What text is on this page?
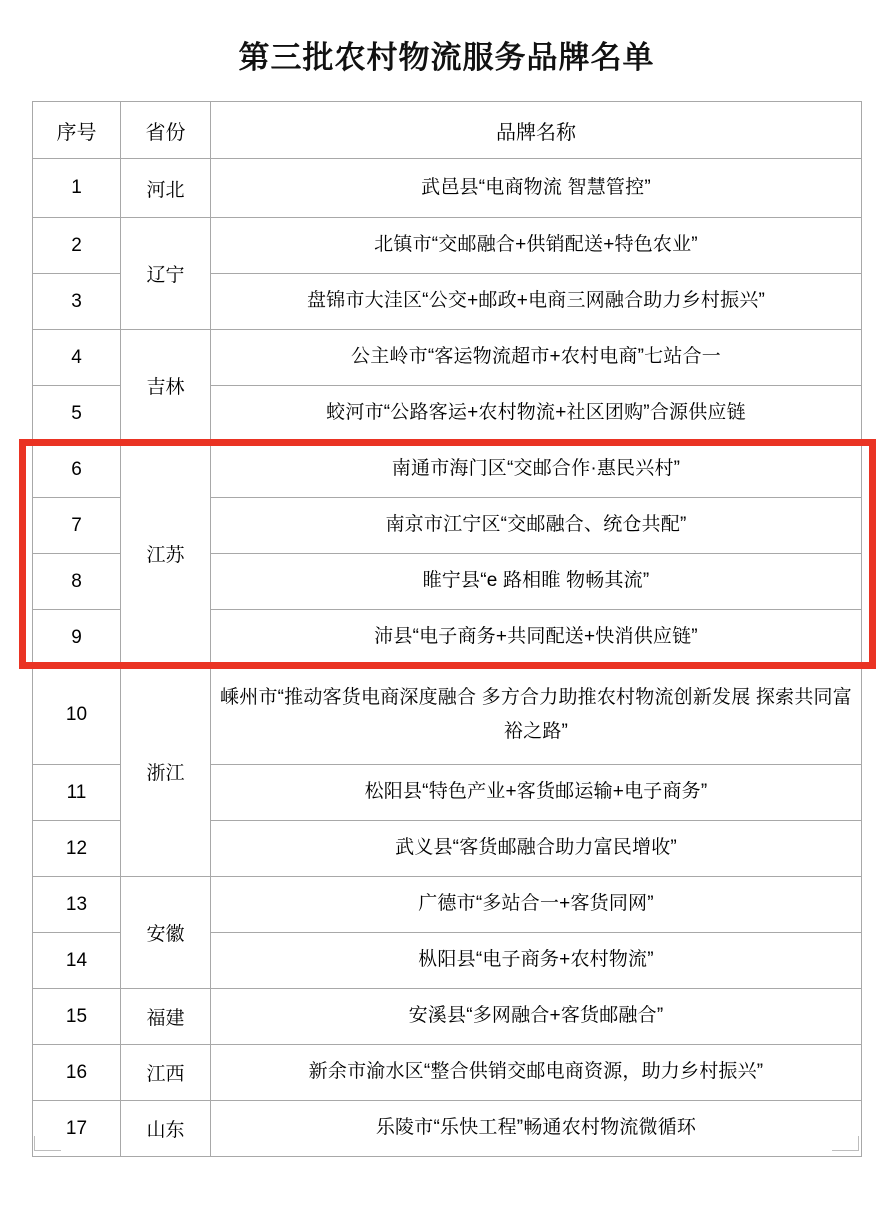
第三批农村物流服务品牌名单
序号	省份	品牌名称
1	河北	武邑县“电商物流 智慧管控”
2	辽宁	北镇市“交邮融合+供销配送+特色农业”
3		盘锦市大洼区“公交+邮政+电商三网融合助力乡村振兴”
4	吉林	公主岭市“客运物流超市+农村电商”七站合一
5		蛟河市“公路客运+农村物流+社区团购”合源供应链
6	江苏	南通市海门区“交邮合作·惠民兴村”
7		南京市江宁区“交邮融合、统仓共配”
8		睢宁县“e 路相睢 物畅其流”
9		沛县“电子商务+共同配送+快消供应链”
10	浙江	嵊州市“推动客货电商深度融合 多方合力助推农村物流创新发展 探索共同富裕之路”
11		松阳县“特色产业+客货邮运输+电子商务”
12		武义县“客货邮融合助力富民增收”
13	安徽	广德市“多站合一+客货同网”
14		枞阳县“电子商务+农村物流”
15	福建	安溪县“多网融合+客货邮融合”
16	江西	新余市渝水区“整合供销交邮电商资源，助力乡村振兴”
17	山东	乐陵市“乐快工程”畅通农村物流微循环
